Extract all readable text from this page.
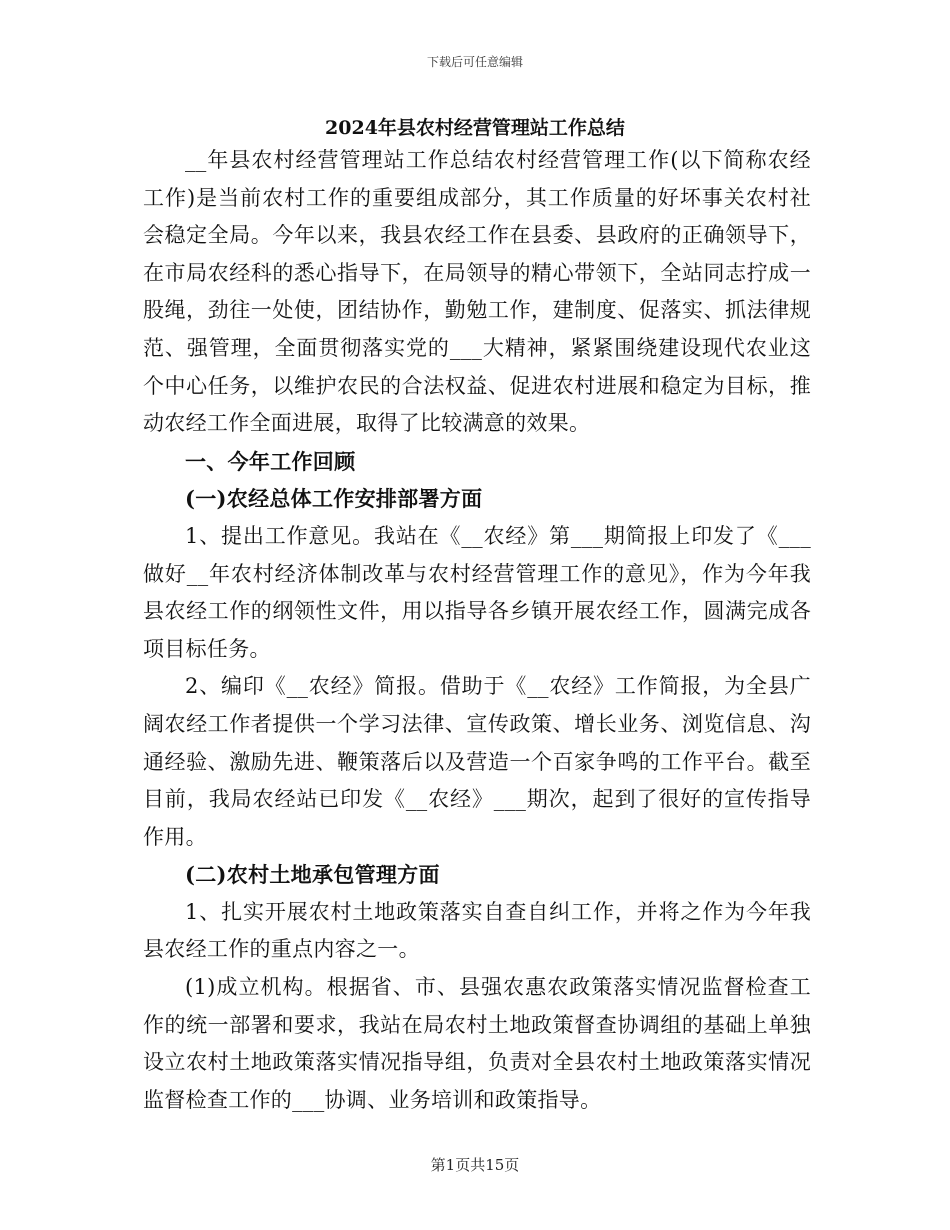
下载后可任意编辑
2024年县农村经营管理站工作总结

__年县农村经营管理站工作总结农村经营管理工作(以下简称农经工作)是当前农村工作的重要组成部分，其工作质量的好坏事关农村社会稳定全局。今年以来，我县农经工作在县委、县政府的正确领导下，在市局农经科的悉心指导下，在局领导的精心带领下，全站同志拧成一股绳，劲往一处使，团结协作，勤勉工作，建制度、促落实、抓法律规范、强管理，全面贯彻落实党的___大精神，紧紧围绕建设现代农业这个中心任务，以维护农民的合法权益、促进农村进展和稳定为目标，推动农经工作全面进展，取得了比较满意的效果。

一、今年工作回顾

(一)农经总体工作安排部署方面

1、提出工作意见。我站在《__农经》第___期简报上印发了《___做好__年农村经济体制改革与农村经营管理工作的意见》，作为今年我县农经工作的纲领性文件，用以指导各乡镇开展农经工作，圆满完成各项目标任务。

2、编印《__农经》简报。借助于《__农经》工作简报，为全县广阔农经工作者提供一个学习法律、宣传政策、增长业务、浏览信息、沟通经验、激励先进、鞭策落后以及营造一个百家争鸣的工作平台。截至目前，我局农经站已印发《__农经》___期次，起到了很好的宣传指导作用。

(二)农村土地承包管理方面

1、扎实开展农村土地政策落实自查自纠工作，并将之作为今年我县农经工作的重点内容之一。

(1)成立机构。根据省、市、县强农惠农政策落实情况监督检查工作的统一部署和要求，我站在局农村土地政策督查协调组的基础上单独设立农村土地政策落实情况指导组，负责对全县农村土地政策落实情况监督检查工作的___协调、业务培训和政策指导。

第1页共15页
